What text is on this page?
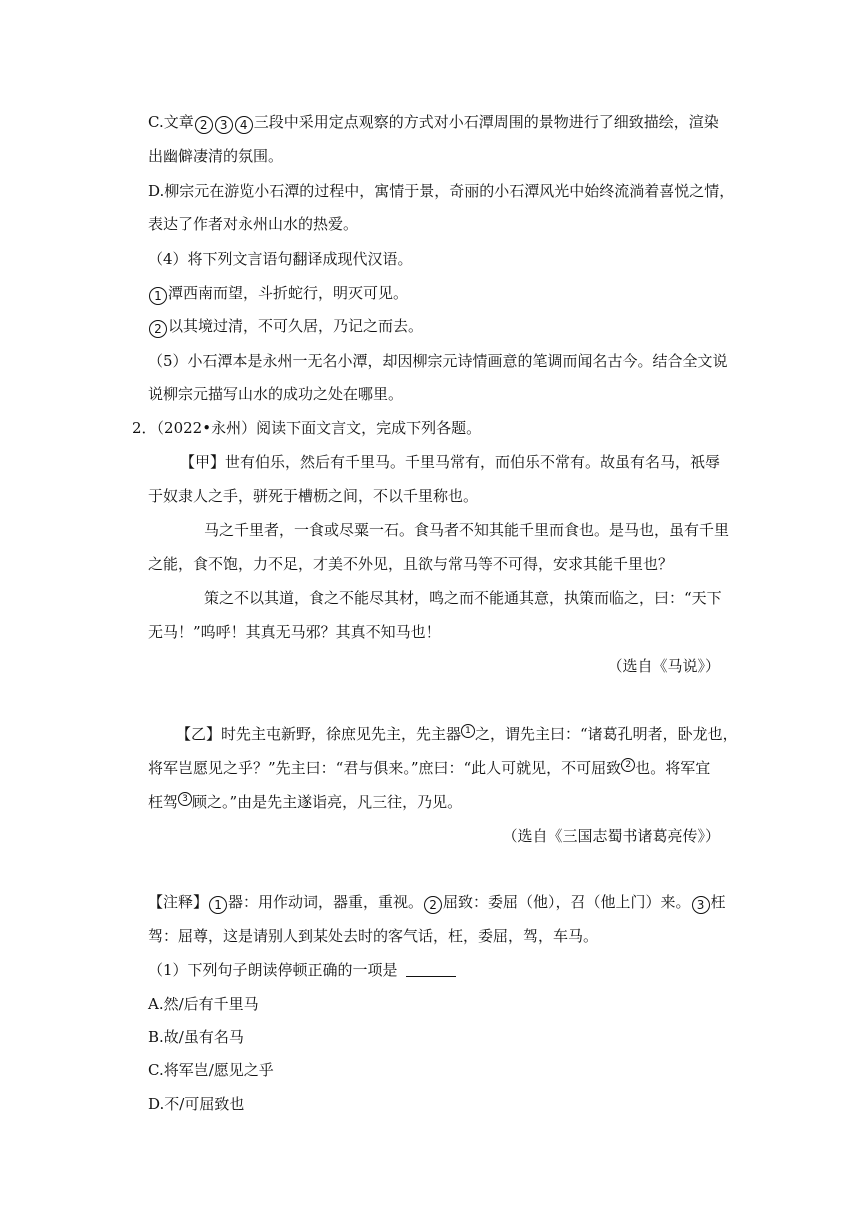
C.文章 2 3 4 三段中采用定点观察的方式对小石潭周围的景物进行了细致描绘，渲染
出幽僻凄清的氛围。
D.柳宗元在游览小石潭的过程中，寓情于景，奇丽的小石潭风光中始终流淌着喜悦之情，
表达了作者对永州山水的热爱。
（4）将下列文言语句翻译成现代汉语。
1 潭西南而望，斗折蛇行，明灭可见。
2 以其境过清，不可久居，乃记之而去。
（5）小石潭本是永州一无名小潭，却因柳宗元诗情画意的笔调而闻名古今。结合全文说
说柳宗元描写山水的成功之处在哪里。
2．（2022•永州）阅读下面文言文，完成下列各题。
【甲】世有伯乐，然后有千里马。千里马常有，而伯乐不常有。故虽有名马，祇辱
于奴隶人之手，骈死于槽枥之间，不以千里称也。
马之千里者，一食或尽粟一石。食马者不知其能千里而食也。是马也，虽有千里
之能，食不饱，力不足，才美不外见，且欲与常马等不可得，安求其能千里也？
策之不以其道，食之不能尽其材，鸣之而不能通其意，执策而临之，曰：“天下
无马！”呜呼！其真无马邪？其真不知马也！
（选自《马说》）
【乙】时先主屯新野，徐庶见先主，先主器 1 之，谓先主曰：“诸葛孔明者，卧龙也，
将军岂愿见之乎？”先主曰：“君与俱来。”庶曰：“此人可就见，不可屈致 2 也。将军宜
枉驾 3 顾之。”由是先主遂诣亮，凡三往，乃见。
（选自《三国志蜀书诸葛亮传》）
【注释】 1 器：用作动词，器重，重视。 2 屈致：委屈（他），召（他上门）来。 3 枉
驾：屈尊，这是请别人到某处去时的客气话，枉，委屈，驾，车马。
（1）下列句子朗读停顿正确的一项是
A.然/后有千里马
B.故/虽有名马
C.将军岂/愿见之乎
D.不/可屈致也
